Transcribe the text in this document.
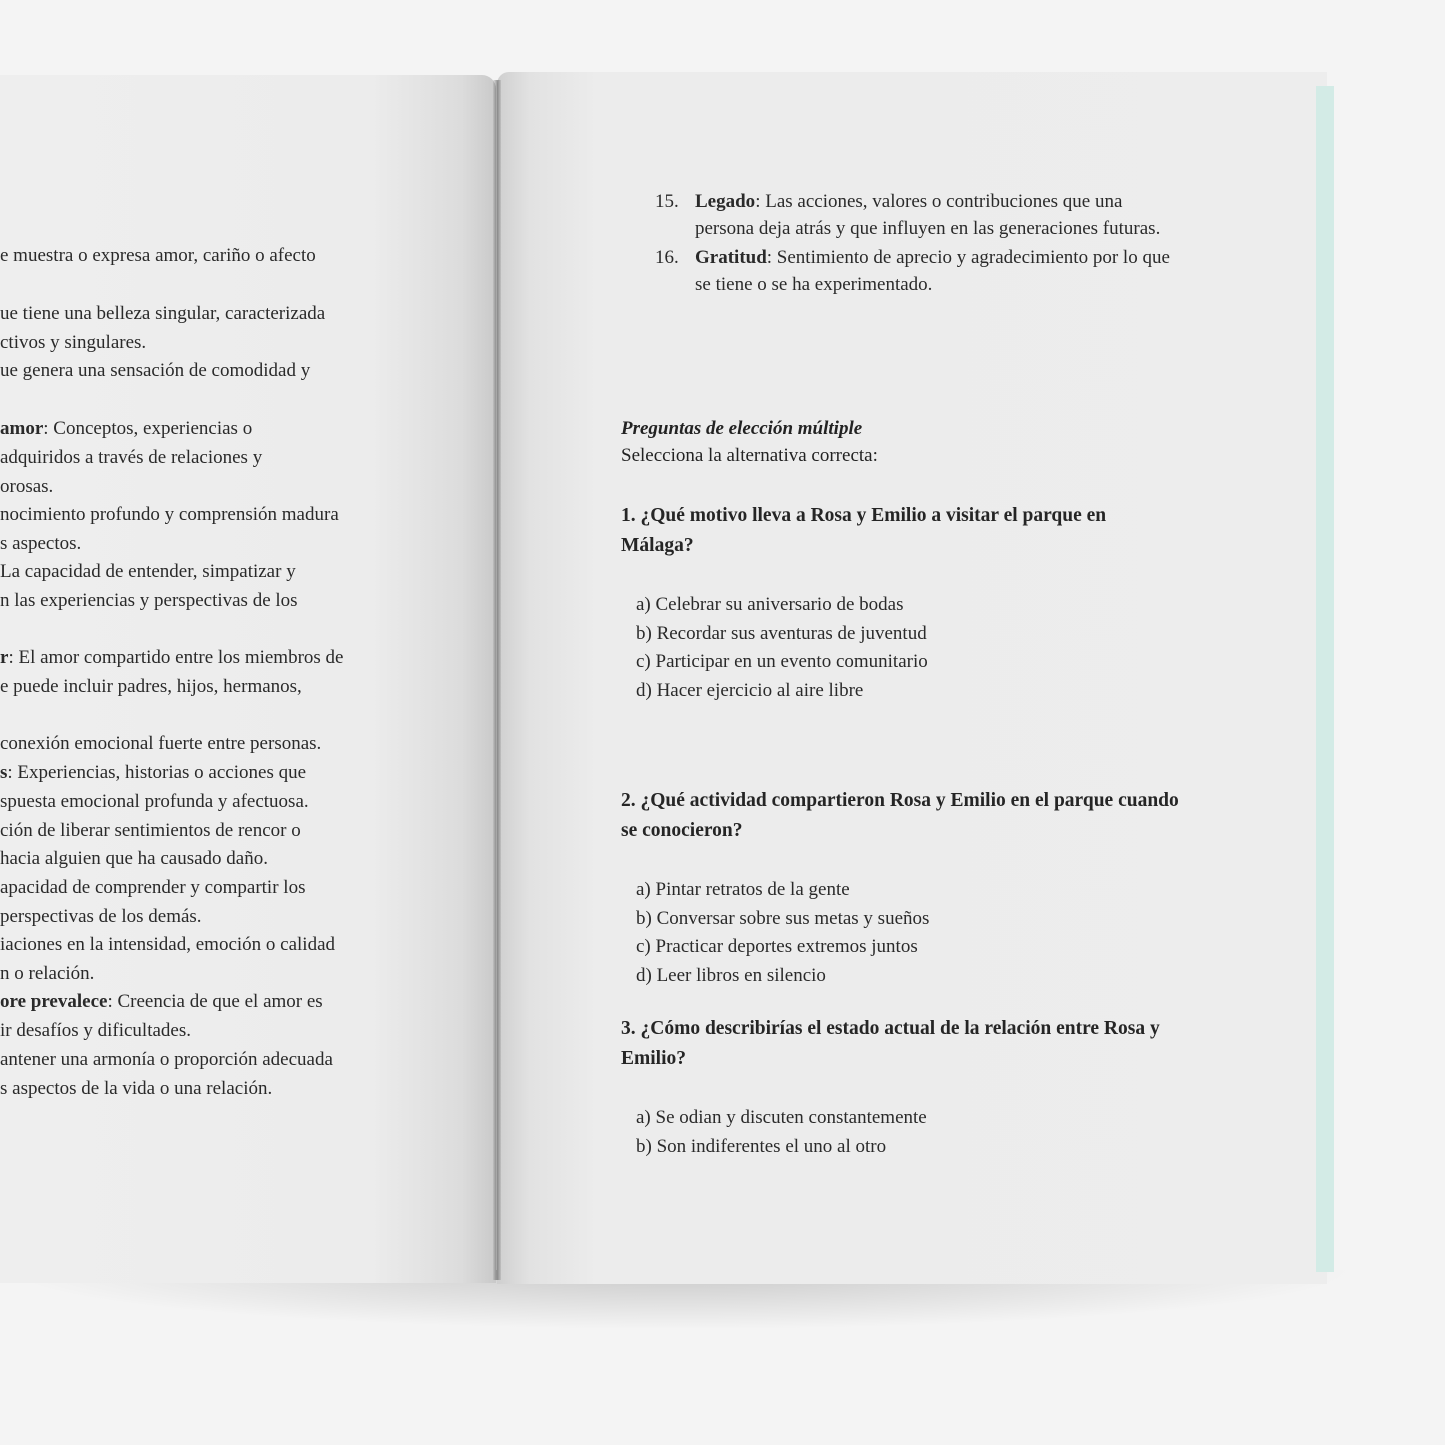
e muestra o expresa amor, cariño o afecto
ue tiene una belleza singular, caracterizada
ctivos y singulares.
ue genera una sensación de comodidad y
amor: Conceptos, experiencias o
adquiridos a través de relaciones y
orosas.
nocimiento profundo y comprensión madura
s aspectos.
La capacidad de entender, simpatizar y
n las experiencias y perspectivas de los
r: El amor compartido entre los miembros de
e puede incluir padres, hijos, hermanos,
conexión emocional fuerte entre personas.
s: Experiencias, historias o acciones que
spuesta emocional profunda y afectuosa.
ción de liberar sentimientos de rencor o
hacia alguien que ha causado daño.
apacidad de comprender y compartir los
perspectivas de los demás.
iaciones en la intensidad, emoción o calidad
n o relación.
ore prevalece: Creencia de que el amor es
ir desafíos y dificultades.
antener una armonía o proporción adecuada
s aspectos de la vida o una relación.
15. Legado: Las acciones, valores o contribuciones que una persona deja atrás y que influyen en las generaciones futuras.
16. Gratitud: Sentimiento de aprecio y agradecimiento por lo que se tiene o se ha experimentado.
Preguntas de elección múltiple
Selecciona la alternativa correcta:
1. ¿Qué motivo lleva a Rosa y Emilio a visitar el parque en Málaga?
a) Celebrar su aniversario de bodas
b) Recordar sus aventuras de juventud
c) Participar en un evento comunitario
d) Hacer ejercicio al aire libre
2. ¿Qué actividad compartieron Rosa y Emilio en el parque cuando se conocieron?
a) Pintar retratos de la gente
b) Conversar sobre sus metas y sueños
c) Practicar deportes extremos juntos
d) Leer libros en silencio
3. ¿Cómo describirías el estado actual de la relación entre Rosa y Emilio?
a) Se odian y discuten constantemente
b) Son indiferentes el uno al otro
